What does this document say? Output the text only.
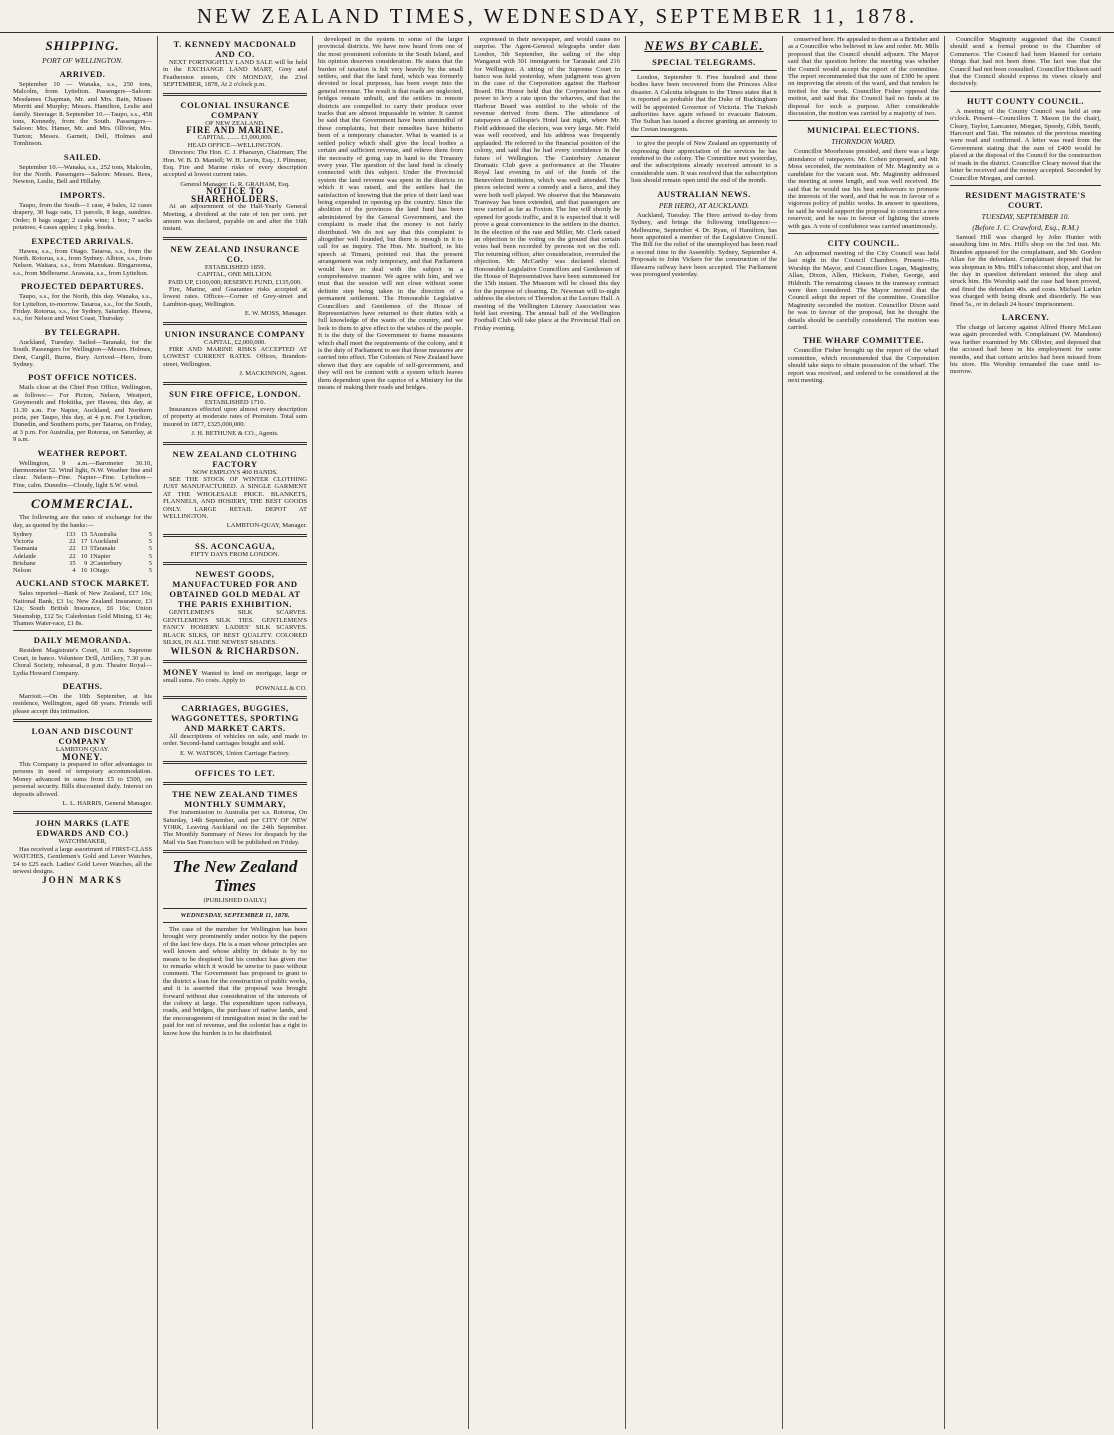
NEW ZEALAND TIMES, WEDNESDAY, SEPTEMBER 11, 1878.
SHIPPING.
PORT OF WELLINGTON.
ARRIVED.

September 10 — Wanaka, s.s., 250 tons, Malcolm, from Lyttelton. Passengers—Saloon: Mesdames Chapman, Mr. and Mrs. Bain, Misses Merritt and Murphy; Messrs. Hamilton, Leslie and family. Steerage: 8. September 10.—Taupo, s.s., 458 tons, Kennedy, from the South. Passengers—Saloon: Mrs. Hamer, Mr. and Mrs. Ollivier, Mrs. Turton; Messrs. Garnett, Dell, Holmes and Tomlinson.

SAILED.

September 10.—Wanaka, s.s., 252 tons, Malcolm, for the North. Passengers—Saloon: Messrs. Rees, Newton, Leslie, Bell and Hillaby.

IMPORTS.

Taupo, from the South—1 case, 4 bales, 12 cases drapery, 30 bags oats, 13 parcels, 8 kegs, sundries. Order; 8 bags sugar; 2 casks wine; 1 box; 7 sacks potatoes; 4 cases apples; 1 pkg. books.

EXPECTED ARRIVALS.

Hawea, s.s., from Otago. Taiaroa, s.s., from the North. Rotorua, s.s., from Sydney. Albion, s.s., from Nelson. Waitara, s.s., from Manukau. Ringarooma, s.s., from Melbourne. Arawata, s.s., from Lyttelton.

PROJECTED DEPARTURES.

Taupo, s.s., for the North, this day. Wanaka, s.s., for Lyttelton, to-morrow. Taiaroa, s.s., for the South, Friday. Rotorua, s.s., for Sydney, Saturday. Hawea, s.s., for Nelson and West Coast, Thursday.

BY TELEGRAPH.

Auckland, Tuesday. Sailed—Taranaki, for the South. Passengers for Wellington—Messrs. Holmes, Dent, Cargill, Burns, Bury. Arrived—Hero, from Sydney.

POST OFFICE NOTICES.

Mails close at the Chief Post Office, Wellington, as follows:— For Picton, Nelson, Westport, Greymouth and Hokitika, per Hawea, this day, at 11.30 a.m. For Napier, Auckland, and Northern ports, per Taupo, this day, at 4 p.m. For Lyttelton, Dunedin, and Southern ports, per Taiaroa, on Friday, at 3 p.m. For Australia, per Rotorua, on Saturday, at 9 a.m.

WEATHER REPORT.

Wellington, 9 a.m.—Barometer 30.10, thermometer 52. Wind light, N.W. Weather fine and clear. Nelson—Fine. Napier—Fine. Lyttelton—Fine, calm. Dunedin—Cloudy, light S.W. wind.

COMMERCIAL.

The following are the rates of exchange for the day, as quoted by the banks:—

Sydney	133	15	5	Australia	5
Victoria	22	17	1	Auckland	5
Tasmania	22	13	5	Taranaki	5
Adelaide	22	10	1	Napier	5
Brisbane	35	9	2	Canterbury	5
Nelson	4	16	1	Otago	5
AUCKLAND STOCK MARKET.

Sales reported—Bank of New Zealand, £17 10s; National Bank, £3 1s; New Zealand Insurance, £3 12s; South British Insurance, £6 16s; Union Steamship, £12 5s; Caledonian Gold Mining, £1 4s; Thames Water-race, £1 8s.

DAILY MEMORANDA.

Resident Magistrate's Court, 10 a.m. Supreme Court, in banco. Volunteer Drill, Artillery, 7.30 p.m. Choral Society, rehearsal, 8 p.m. Theatre Royal—Lydia Howard Company.

DEATHS.

Marriott.—On the 10th September, at his residence, Wellington, aged 68 years. Friends will please accept this intimation.

LOAN AND DISCOUNT COMPANY
LAMBTON QUAY.
MONEY.

This Company is prepared to offer advantages to persons in need of temporary accommodation. Money advanced in sums from £5 to £500, on personal security. Bills discounted daily. Interest on deposits allowed.

L. L. HARRIS, General Manager.
JOHN MARKS (LATE EDWARDS AND CO.)
WATCHMAKER,

Has received a large assortment of FIRST-CLASS WATCHES, Gentlemen's Gold and Lever Watches, £4 to £25 each. Ladies' Gold Lever Watches, all the newest designs.

JOHN MARKS
T. KENNEDY MACDONALD AND CO.

NEXT FORTNIGHTLY LAND SALE will be held in the EXCHANGE LAND MART, Grey and Featherston streets, ON MONDAY, the 23rd SEPTEMBER, 1878, At 2 o'clock p.m.

COLONIAL INSURANCE COMPANY
OF NEW ZEALAND.
FIRE AND MARINE.
CAPITAL ........ £1,000,000.
HEAD OFFICE—WELLINGTON.

Directors: The Hon. C. J. Pharazyn, Chairman; The Hon. W. B. D. Mantell; W. H. Levin, Esq.; J. Plimmer, Esq. Fire and Marine risks of every description accepted at lowest current rates.

General Manager: G. R. GRAHAM, Esq.
NOTICE TO SHAREHOLDERS.

At an adjournment of the Half-Yearly General Meeting, a dividend at the rate of ten per cent. per annum was declared, payable on and after the 16th instant.

NEW ZEALAND INSURANCE CO.
ESTABLISHED 1859.
CAPITAL, ONE MILLION.
PAID UP, £100,000; RESERVE FUND, £135,000.

Fire, Marine, and Guarantee risks accepted at lowest rates. Offices—Corner of Grey-street and Lambton-quay, Wellington.

E. W. MOSS, Manager.
UNION INSURANCE COMPANY
CAPITAL, £2,000,000.

FIRE AND MARINE RISKS ACCEPTED AT LOWEST CURRENT RATES. Offices, Brandon-street, Wellington.

J. MACKINNON, Agent.
SUN FIRE OFFICE, LONDON.
ESTABLISHED 1710.

Insurances effected upon almost every description of property at moderate rates of Premium. Total sum insured in 1877, £325,000,000.

J. H. BETHUNE & CO., Agents.
NEW ZEALAND CLOTHING FACTORY
NOW EMPLOYS 400 HANDS.

SEE THE STOCK OF WINTER CLOTHING JUST MANUFACTURED. A SINGLE GARMENT AT THE WHOLESALE PRICE. BLANKETS, FLANNELS, AND HOSIERY, THE BEST GOODS ONLY. LARGE RETAIL DEPOT AT WELLINGTON.

LAMBTON-QUAY, Manager.
SS. ACONCAGUA,
FIFTY DAYS FROM LONDON.
NEWEST GOODS, MANUFACTURED FOR AND OBTAINED GOLD MEDAL AT THE PARIS EXHIBITION.

GENTLEMEN'S SILK SCARVES. GENTLEMEN'S SILK TIES. GENTLEMEN'S FANCY HOSIERY. LADIES' SILK SCARVES. BLACK SILKS, OF BEST QUALITY. COLORED SILKS, IN ALL THE NEWEST SHADES.

WILSON & RICHARDSON.
MONEY Wanted to lend on mortgage, large or small sums. No costs. Apply to
POWNALL & CO.
CARRIAGES, BUGGIES, WAGGONETTES, SPORTING AND MARKET CARTS.

All descriptions of vehicles on sale, and made to order. Second-hand carriages bought and sold.

E. W. WATSON, Union Carriage Factory.
OFFICES TO LET.
THE NEW ZEALAND TIMES MONTHLY SUMMARY,

For transmission to Australia per s.s. Rotorua, On Saturday, 14th September, and per CITY OF NEW YORK, Leaving Auckland on the 24th September. The Monthly Summary of News for despatch by the Mail via San Francisco will be published on Friday.

The New Zealand Times
(PUBLISHED DAILY.)
WEDNESDAY, SEPTEMBER 11, 1878.

The case of the member for Wellington has been brought very prominently under notice by the papers of the last few days. He is a man whose principles are well known and whose ability in debate is by no means to be despised; but his conduct has given rise to remarks which it would be unwise to pass without comment. The Government has proposed to grant to the district a loan for the construction of public works, and it is asserted that the proposal was brought forward without due consideration of the interests of the colony at large. The expenditure upon railways, roads, and bridges, the purchase of native lands, and the encouragement of immigration must in the end be paid for out of revenue, and the colonist has a right to know how the burden is to be distributed.

developed in the system in some of the larger provincial districts. We have now heard from one of the most prominent colonists in the South Island, and his opinion deserves consideration. He states that the burden of taxation is felt very heavily by the small settlers, and that the land fund, which was formerly devoted to local purposes, has been swept into the general revenue. The result is that roads are neglected, bridges remain unbuilt, and the settlers in remote districts are compelled to carry their produce over tracks that are almost impassable in winter. It cannot be said that the Government have been unmindful of these complaints, but their remedies have hitherto been of a temporary character. What is wanted is a settled policy which shall give the local bodies a certain and sufficient revenue, and relieve them from the necessity of going cap in hand to the Treasury every year. The question of the land fund is closely connected with this subject. Under the Provincial system the land revenue was spent in the districts in which it was raised, and the settlers had the satisfaction of knowing that the price of their land was being expended in opening up the country. Since the abolition of the provinces the land fund has been administered by the General Government, and the complaint is made that the money is not fairly distributed. We do not say that this complaint is altogether well founded, but there is enough in it to call for an inquiry. The Hon. Mr. Stafford, in his speech at Timaru, pointed out that the present arrangement was only temporary, and that Parliament would have to deal with the subject in a comprehensive manner. We agree with him, and we trust that the session will not close without some definite step being taken in the direction of a permanent settlement. The Honourable Legislative Councillors and Gentlemen of the House of Representatives have returned to their duties with a full knowledge of the wants of the country, and we look to them to give effect to the wishes of the people. It is the duty of the Government to frame measures which shall meet the requirements of the colony, and it is the duty of Parliament to see that those measures are carried into effect. The Colonists of New Zealand have shown that they are capable of self-government, and they will not be content with a system which leaves them dependent upon the caprice of a Ministry for the means of making their roads and bridges.

expressed in their newspaper, and would cause no surprise. The Agent-General telegraphs under date London, 5th September, the sailing of the ship Wanganui with 301 immigrants for Taranaki and 216 for Wellington. A sitting of the Supreme Court in banco was held yesterday, when judgment was given in the case of the Corporation against the Harbour Board. His Honor held that the Corporation had no power to levy a rate upon the wharves, and that the Harbour Board was entitled to the whole of the revenue derived from them. The attendance of ratepayers at Gillespie's Hotel last night, where Mr. Field addressed the electors, was very large. Mr. Field was well received, and his address was frequently applauded. He referred to the financial position of the colony, and said that he had every confidence in the future of Wellington. The Canterbury Amateur Dramatic Club gave a performance at the Theatre Royal last evening in aid of the funds of the Benevolent Institution, which was well attended. The pieces selected were a comedy and a farce, and they were both well played. We observe that the Manawatu Tramway has been extended, and that passengers are now carried as far as Foxton. The line will shortly be opened for goods traffic, and it is expected that it will prove a great convenience to the settlers in the district. In the election of the rate and Miller, Mr. Clerk raised an objection to the voting on the ground that certain votes had been recorded by persons not on the roll. The returning officer, after consideration, overruled the objection. Mr. McCarthy was declared elected. Honourable Legislative Councillors and Gentlemen of the House of Representatives have been summoned for the 15th instant. The Museum will be closed this day for the purpose of cleaning. Dr. Newman will to-night address the electors of Thorndon at the Lecture Hall. A meeting of the Wellington Literary Association was held last evening. The annual ball of the Wellington Football Club will take place at the Provincial Hall on Friday evening.

NEWS BY CABLE.
SPECIAL TELEGRAMS.

London, September 9. Five hundred and three bodies have been recovered from the Princess Alice disaster. A Calcutta telegram to the Times states that it is reported as probable that the Duke of Buckingham will be appointed Governor of Victoria. The Turkish authorities have again refused to evacuate Batoum. The Sultan has issued a decree granting an amnesty to the Cretan insurgents.

to give the people of New Zealand an opportunity of expressing their appreciation of the services he has rendered to the colony. The Committee met yesterday, and the subscriptions already received amount to a considerable sum. It was resolved that the subscription lists should remain open until the end of the month.

AUSTRALIAN NEWS.
PER HERO, AT AUCKLAND.

Auckland, Tuesday. The Hero arrived to-day from Sydney, and brings the following intelligence:— Melbourne, September 4. Dr. Ryan, of Hamilton, has been appointed a member of the Legislative Council. The Bill for the relief of the unemployed has been read a second time in the Assembly. Sydney, September 4. Proposals to John Vickers for the construction of the Illawarra railway have been accepted. The Parliament was prorogued yesterday.

conserved here. He appealed to them as a Britisher and as a Councillor who believed in law and order. Mr. Mills proposed that the Council should adjourn. The Mayor said that the question before the meeting was whether the Council would accept the report of the committee. The report recommended that the sum of £300 be spent on improving the streets of the ward, and that tenders be invited for the work. Councillor Fisher opposed the motion, and said that the Council had no funds at its disposal for such a purpose. After considerable discussion, the motion was carried by a majority of two.

MUNICIPAL ELECTIONS.
THORNDON WARD.

Councillor Moorhouse presided, and there was a large attendance of ratepayers. Mr. Cohen proposed, and Mr. Moss seconded, the nomination of Mr. Maginnity as a candidate for the vacant seat. Mr. Maginnity addressed the meeting at some length, and was well received. He said that he would use his best endeavours to promote the interests of the ward, and that he was in favour of a vigorous policy of public works. In answer to questions, he said he would support the proposal to construct a new reservoir, and he was in favour of lighting the streets with gas. A vote of confidence was carried unanimously.

CITY COUNCIL.

An adjourned meeting of the City Council was held last night in the Council Chambers. Present—His Worship the Mayor, and Councillors Logan, Maginnity, Allan, Dixon, Allen, Hickson, Fisher, George, and Hildreth. The remaining clauses in the tramway contract were then considered. The Mayor moved that the Council adopt the report of the committee. Councillor Maginnity seconded the motion. Councillor Dixon said he was in favour of the proposal, but he thought the details should be carefully considered. The motion was carried.

THE WHARF COMMITTEE.

Councillor Fisher brought up the report of the wharf committee, which recommended that the Corporation should take steps to obtain possession of the wharf. The report was received, and ordered to be considered at the next meeting.

Councillor Maginnity suggested that the Council should send a formal protest to the Chamber of Commerce. The Council had been blamed for certain things that had not been done. The fact was that the Council had not been consulted. Councillor Hickson said that the Council should express its views clearly and decisively.

HUTT COUNTY COUNCIL.

A meeting of the County Council was held at one o'clock. Present—Councillors T. Mason (in the chair), Cleary, Taylor, Lancaster, Morgan, Speedy, Gibb, Smith, Harcourt and Tait. The minutes of the previous meeting were read and confirmed. A letter was read from the Government stating that the sum of £400 would be placed at the disposal of the Council for the construction of roads in the district. Councillor Cleary moved that the letter be received and the money accepted. Seconded by Councillor Morgan, and carried.

RESIDENT MAGISTRATE'S COURT.
TUESDAY, SEPTEMBER 10.
(Before J. C. Crawford, Esq., R.M.)

Samuel Hill was charged by John Hunter with assaulting him in Mrs. Hill's shop on the 3rd inst. Mr. Brandon appeared for the complainant, and Mr. Gordon Allan for the defendant. Complainant deposed that he was shopman in Mrs. Hill's tobacconist shop, and that on the day in question defendant entered the shop and struck him. His Worship said the case had been proved, and fined the defendant 40s. and costs. Michael Larkin was charged with being drunk and disorderly. He was fined 5s., or in default 24 hours' imprisonment.

LARCENY.

The charge of larceny against Alfred Henry McLean was again proceeded with. Complainant (W. Mandeno) was further examined by Mr. Ollivier, and deposed that the accused had been in his employment for some months, and that certain articles had been missed from his store. His Worship remanded the case until to-morrow.
